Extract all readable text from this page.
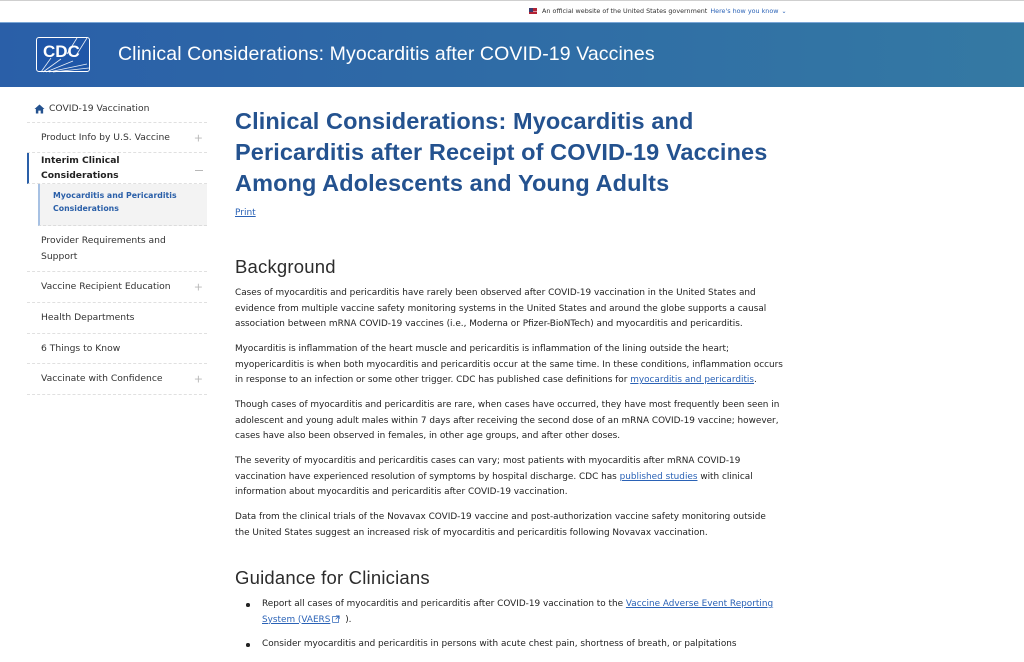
An official website of the United States government Here's how you know ⌄
CDC Clinical Considerations: Myocarditis after COVID-19 Vaccines
COVID-19 Vaccination
Product Info by U.S. Vaccine +
Interim Clinical Considerations
Myocarditis and Pericarditis
Considerations
Provider Requirements and
Support
Vaccine Recipient Education +
Health Departments
6 Things to Know
Vaccinate with Confidence	+
Clinical Considerations: Myocarditis and
Pericarditis after Receipt of COVID-19 Vaccines
Among Adolescents and Young Adults
Print
Background
Cases of myocarditis and pericarditis have rarely been observed after COVID-19 vaccination in the United States and
evidence from multiple vaccine safety monitoring systems in the United States and around the globe supports a causal
association between mRNA COVID-19 vaccines (i.e., Moderna or Pfizer-BioNTech) and myocarditis and pericarditis.
Myocarditis is inflammation of the heart muscle and pericarditis is inflammation of the lining outside the heart;
myopericarditis is when both myocarditis and pericarditis occur at the same time. In these conditions, inflammation occurs
in response to an infection or some other trigger. CDC has published case definitions for myocarditis and pericarditis.
Though cases of myocarditis and pericarditis are rare, when cases have occurred, they have most frequently been seen in
adolescent and young adult males within 7 days after receiving the second dose of an mRNA COVID-19 vaccine; however,
cases have also been observed in females, in other age groups, and after other doses.
The severity of myocarditis and pericarditis cases can vary; most patients with myocarditis after mRNA COVID-19
vaccination have experienced resolution of symptoms by hospital discharge. CDC has published studies with clinical
information about myocarditis and pericarditis after COVID-19 vaccination.
Data from the clinical trials of the Novavax COVID-19 vaccine and post-authorization vaccine safety monitoring outside
the United States suggest an increased risk of myocarditis and pericarditis following Novavax vaccination.
Guidance for Clinicians
Report all cases of myocarditis and pericarditis after COVID-19 vaccination to the Vaccine Adverse Event Reporting
System (VAERS ).
Consider myocarditis and pericarditis in persons with acute chest pain, shortness of breath, or palpitations
